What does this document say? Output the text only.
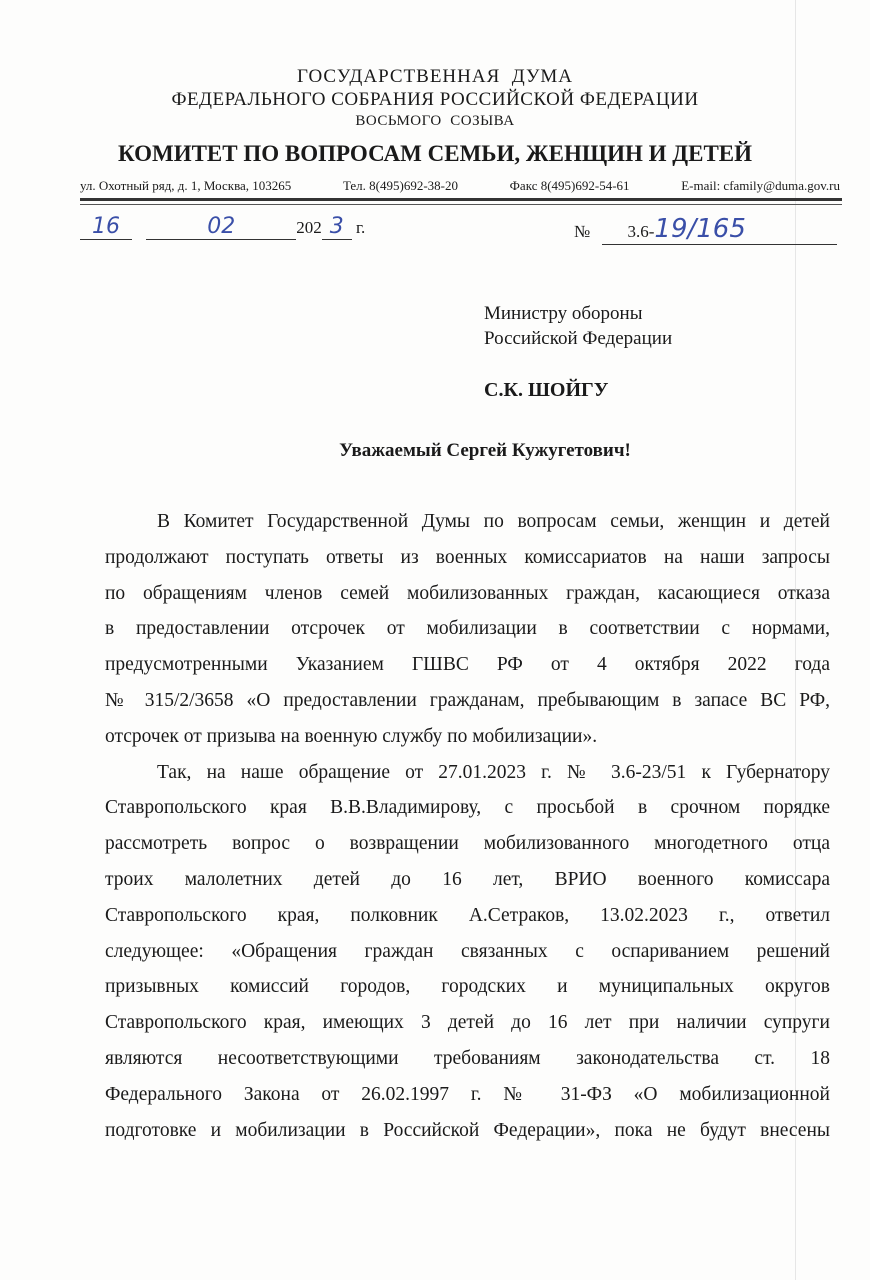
ГОСУДАРСТВЕННАЯ  ДУМА
ФЕДЕРАЛЬНОГО СОБРАНИЯ РОССИЙСКОЙ ФЕДЕРАЦИИ
ВОСЬМОГО  СОЗЫВА
КОМИТЕТ ПО ВОПРОСАМ СЕМЬИ, ЖЕНЩИН И ДЕТЕЙ
ул. Охотный ряд, д. 1, Москва, 103265	Тел. 8(495)692-38-20	Факс 8(495)692-54-61	E-mail: cfamily@duma.gov.ru
16	02	202 3 г.	№ 3.6-19/165
Министру обороны
Российской Федерации
С.К. ШОЙГУ
Уважаемый Сергей Кужугетович!
В Комитет Государственной Думы по вопросам семьи, женщин и детей
продолжают поступать ответы из военных комиссариатов на наши запросы
по обращениям членов семей мобилизованных граждан, касающиеся отказа
в предоставлении отсрочек от мобилизации в соответствии с нормами,
предусмотренными Указанием ГШВС РФ от 4 октября 2022 года
№ 315/2/3658 «О предоставлении гражданам, пребывающим в запасе ВС РФ,
отсрочек от призыва на военную службу по мобилизации».
Так, на наше обращение от 27.01.2023 г. № 3.6-23/51 к Губернатору
Ставропольского края В.В.Владимирову, с просьбой в срочном порядке
рассмотреть вопрос о возвращении мобилизованного многодетного отца
троих малолетних детей до 16 лет, ВРИО военного комиссара
Ставропольского края, полковник А.Сетраков, 13.02.2023 г., ответил
следующее: «Обращения граждан связанных с оспариванием решений
призывных комиссий городов, городских и муниципальных округов
Ставропольского края, имеющих 3 детей до 16 лет при наличии супруги
являются несоответствующими требованиям законодательства ст. 18
Федерального Закона от 26.02.1997 г. № 31-ФЗ «О мобилизационной
подготовке и мобилизации в Российской Федерации», пока не будут внесены
